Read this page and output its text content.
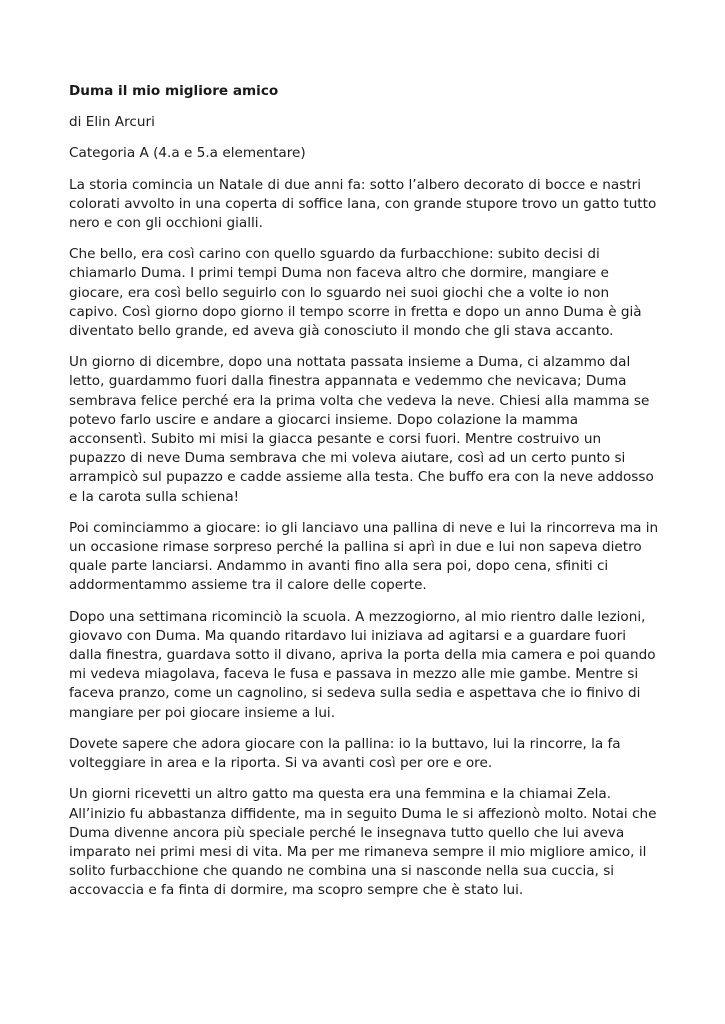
Duma il mio migliore amico

di Elin Arcuri

Categoria A (4.a e 5.a elementare)

La storia comincia un Natale di due anni fa: sotto l’albero decorato di bocce e nastri colorati avvolto in una coperta di soffice lana, con grande stupore trovo un gatto tutto nero e con gli occhioni gialli.

Che bello, era così carino con quello sguardo da furbacchione: subito decisi di chiamarlo Duma. I primi tempi Duma non faceva altro che dormire, mangiare e giocare, era così bello seguirlo con lo sguardo nei suoi giochi che a volte io non capivo. Così giorno dopo giorno il tempo scorre in fretta e dopo un anno Duma è già diventato bello grande, ed aveva già conosciuto il mondo che gli stava accanto.

Un giorno di dicembre, dopo una nottata passata insieme a Duma, ci alzammo dal letto, guardammo fuori dalla finestra appannata e vedemmo che nevicava; Duma sembrava felice perché era la prima volta che vedeva la neve. Chiesi alla mamma se potevo farlo uscire e andare a giocarci insieme. Dopo colazione la mamma acconsentì. Subito mi misi la giacca pesante e corsi fuori. Mentre costruivo un pupazzo di neve Duma sembrava che mi voleva aiutare, così ad un certo punto si arrampicò sul pupazzo e cadde assieme alla testa. Che buffo era con la neve addosso e la carota sulla schiena!

Poi cominciammo a giocare: io gli lanciavo una pallina di neve e lui la rincorreva ma in un occasione rimase sorpreso perché la pallina si aprì in due e lui non sapeva dietro quale parte lanciarsi. Andammo in avanti fino alla sera poi, dopo cena, sfiniti ci addormentammo assieme tra il calore delle coperte.

Dopo una settimana ricominciò la scuola. A mezzogiorno, al mio rientro dalle lezioni, giovavo con Duma. Ma quando ritardavo lui iniziava ad agitarsi e a guardare fuori dalla finestra, guardava sotto il divano, apriva la porta della mia camera e poi quando mi vedeva miagolava, faceva le fusa e passava in mezzo alle mie gambe. Mentre si faceva pranzo, come un cagnolino, si sedeva sulla sedia e aspettava che io finivo di mangiare per poi giocare insieme a lui.

Dovete sapere che adora giocare con la pallina: io la buttavo, lui la rincorre, la fa volteggiare in area e la riporta. Si va avanti così per ore e ore.

Un giorni ricevetti un altro gatto ma questa era una femmina e la chiamai Zela. All’inizio fu abbastanza diffidente, ma in seguito Duma le si affezionò molto. Notai che Duma divenne ancora più speciale perché le insegnava tutto quello che lui aveva imparato nei primi mesi di vita. Ma per me rimaneva sempre il mio migliore amico, il solito furbacchione che quando ne combina una si nasconde nella sua cuccia, si accovaccia e fa finta di dormire, ma scopro sempre che è stato lui.
